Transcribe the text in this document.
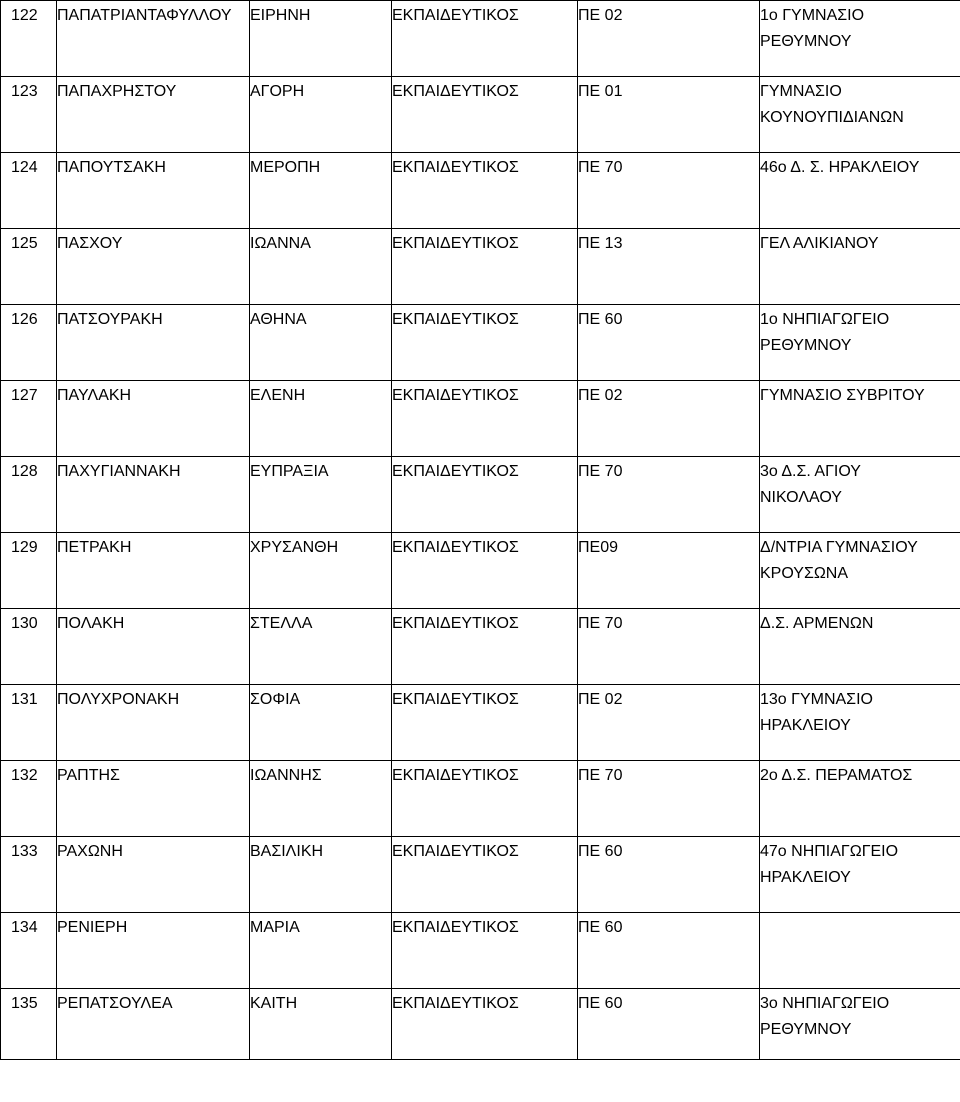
122	ΠΑΠΑΤΡΙΑΝΤΑΦΥΛΛΟΥ	ΕΙΡΗΝΗ	ΕΚΠΑΙΔΕΥΤΙΚΟΣ	ΠΕ 02	1ο ΓΥΜΝΑΣΙΟ
ΡΕΘΥΜΝΟΥ

123	ΠΑΠΑΧΡΗΣΤΟΥ	ΑΓΟΡΗ	ΕΚΠΑΙΔΕΥΤΙΚΟΣ	ΠΕ 01	ΓΥΜΝΑΣΙΟ
ΚΟΥΝΟΥΠΙΔΙΑΝΩΝ

124	ΠΑΠΟΥΤΣΑΚΗ	ΜΕΡΟΠΗ	ΕΚΠΑΙΔΕΥΤΙΚΟΣ	ΠΕ 70	46ο Δ. Σ. ΗΡΑΚΛΕΙΟΥ

125	ΠΑΣΧΟΥ	ΙΩΑΝΝΑ	ΕΚΠΑΙΔΕΥΤΙΚΟΣ	ΠΕ 13	ΓΕΛ ΑΛΙΚΙΑΝΟΥ

126	ΠΑΤΣΟΥΡΑΚΗ	ΑΘΗΝΑ	ΕΚΠΑΙΔΕΥΤΙΚΟΣ	ΠΕ 60	1ο ΝΗΠΙΑΓΩΓΕΙΟ
ΡΕΘΥΜΝΟΥ

127	ΠΑΥΛΑΚΗ	ΕΛΕΝΗ	ΕΚΠΑΙΔΕΥΤΙΚΟΣ	ΠΕ 02	ΓΥΜΝΑΣΙΟ ΣΥΒΡΙΤΟΥ

128	ΠΑΧΥΓΙΑΝΝΑΚΗ	ΕΥΠΡΑΞΙΑ	ΕΚΠΑΙΔΕΥΤΙΚΟΣ	ΠΕ 70	3ο Δ.Σ. ΑΓΙΟΥ
ΝΙΚΟΛΑΟΥ

129	ΠΕΤΡΑΚΗ	ΧΡΥΣΑΝΘΗ	ΕΚΠΑΙΔΕΥΤΙΚΟΣ	ΠΕ09	Δ/ΝΤΡΙΑ ΓΥΜΝΑΣΙΟΥ
ΚΡΟΥΣΩΝΑ

130	ΠΟΛΑΚΗ	ΣΤΕΛΛΑ	ΕΚΠΑΙΔΕΥΤΙΚΟΣ	ΠΕ 70	Δ.Σ. ΑΡΜΕΝΩΝ

131	ΠΟΛΥΧΡΟΝΑΚΗ	ΣΟΦΙΑ	ΕΚΠΑΙΔΕΥΤΙΚΟΣ	ΠΕ 02	13ο ΓΥΜΝΑΣΙΟ
ΗΡΑΚΛΕΙΟΥ

132	ΡΑΠΤΗΣ	ΙΩΑΝΝΗΣ	ΕΚΠΑΙΔΕΥΤΙΚΟΣ	ΠΕ 70	2ο Δ.Σ. ΠΕΡΑΜΑΤΟΣ

133	ΡΑΧΩΝΗ	ΒΑΣΙΛΙΚΗ	ΕΚΠΑΙΔΕΥΤΙΚΟΣ	ΠΕ 60	47ο ΝΗΠΙΑΓΩΓΕΙΟ
ΗΡΑΚΛΕΙΟΥ

134	ΡΕΝΙΕΡΗ	ΜΑΡΙΑ	ΕΚΠΑΙΔΕΥΤΙΚΟΣ	ΠΕ 60	

135	ΡΕΠΑΤΣΟΥΛΕΑ	ΚΑΙΤΗ	ΕΚΠΑΙΔΕΥΤΙΚΟΣ	ΠΕ 60	3ο ΝΗΠΙΑΓΩΓΕΙΟ
ΡΕΘΥΜΝΟΥ
